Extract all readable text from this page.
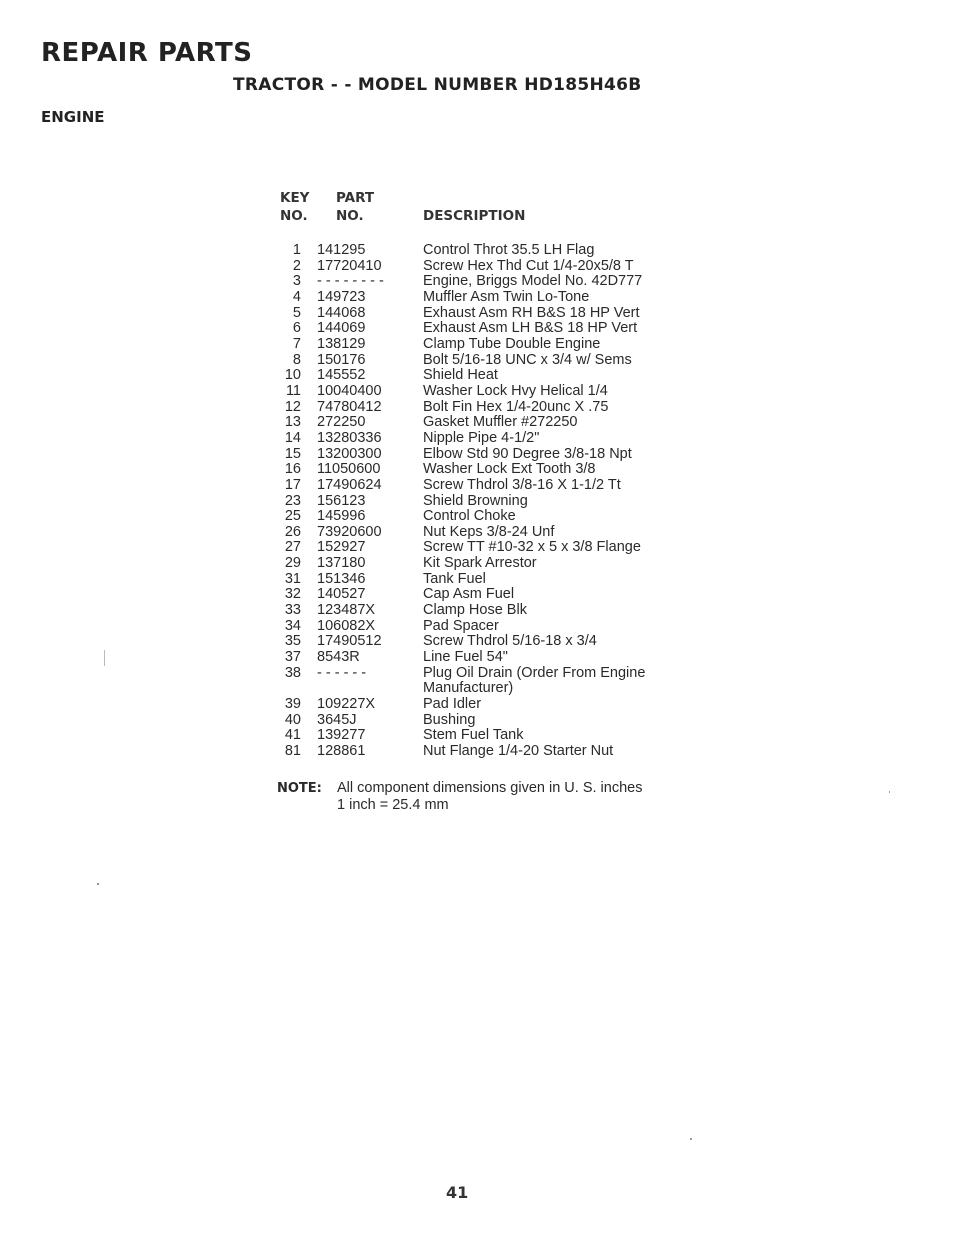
REPAIR PARTS
TRACTOR - - MODEL NUMBER HD185H46B
ENGINE
KEY
NO.
PART
NO.	DESCRIPTION
1 141295	Control Throt 35.5 LH Flag
2 17720410	Screw Hex Thd Cut 1/4-20x5/8 T
3 - - - - - - - -	Engine, Briggs Model No. 42D777
4 149723	Muffler Asm Twin Lo-Tone
5 144068	Exhaust Asm RH B&S 18 HP Vert
6 144069	Exhaust Asm LH B&S 18 HP Vert
7 138129	Clamp Tube Double Engine
8 150176	Bolt 5/16-18 UNC x 3/4 w/ Sems
10 145552	Shield Heat
11 10040400	Washer Lock Hvy Helical 1/4
12 74780412	Bolt Fin Hex 1/4-20unc X .75
13 272250	Gasket Muffler #272250
14 13280336	Nipple Pipe 4-1/2"
15 13200300	Elbow Std 90 Degree 3/8-18 Npt
16 11050600	Washer Lock Ext Tooth 3/8
17 17490624	Screw Thdrol 3/8-16 X 1-1/2 Tt
23 156123	Shield Browning
25 145996	Control Choke
26 73920600	Nut Keps 3/8-24 Unf
27 152927	Screw TT #10-32 x 5 x 3/8 Flange
29 137180	Kit Spark Arrestor
31 151346	Tank Fuel
32 140527	Cap Asm Fuel
33 123487X	Clamp Hose Blk
34 106082X	Pad Spacer
35 17490512	Screw Thdrol 5/16-18 x 3/4
37 8543R	Line Fuel 54"
38 - - - - - -	Plug Oil Drain (Order From Engine Manufacturer)
39 109227X	Pad Idler
40 3645J	Bushing
41 139277	Stem Fuel Tank
81 128861	Nut Flange 1/4-20 Starter Nut
NOTE: All component dimensions given in U. S. inches
1 inch = 25.4 mm
41
